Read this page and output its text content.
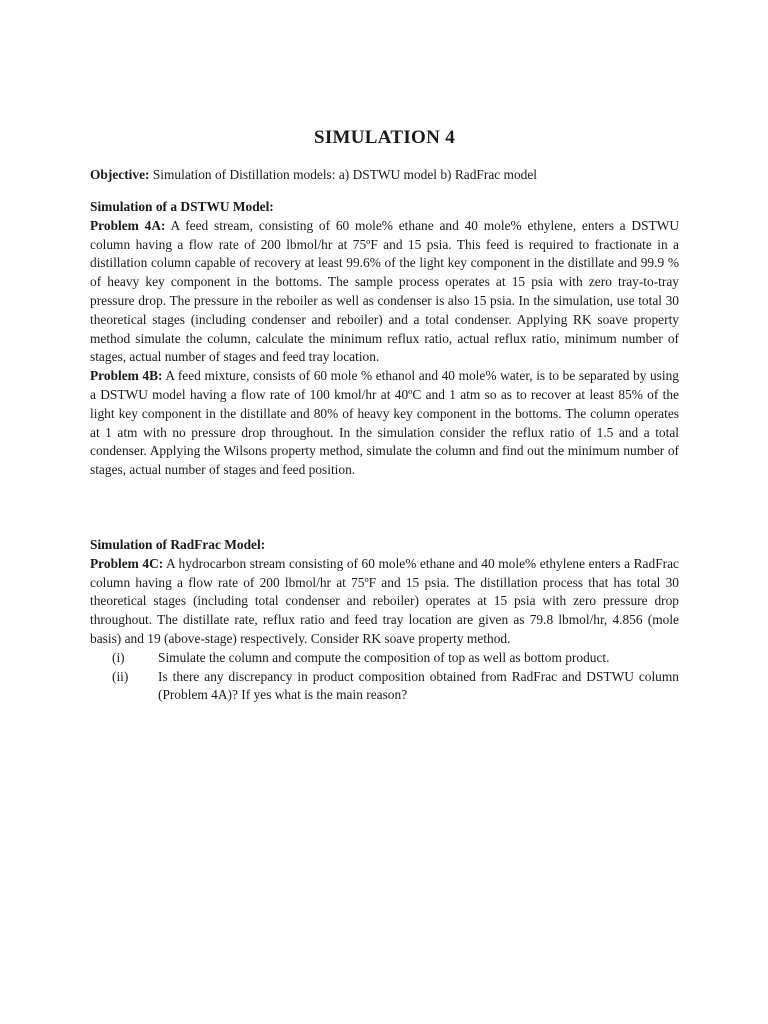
SIMULATION 4

Objective: Simulation of Distillation models: a) DSTWU model b) RadFrac model

Simulation of a DSTWU Model:

Problem 4A: A feed stream, consisting of 60 mole% ethane and 40 mole% ethylene, enters a DSTWU column having a flow rate of 200 lbmol/hr at 75ºF and 15 psia. This feed is required to fractionate in a distillation column capable of recovery at least 99.6% of the light key component in the distillate and 99.9 % of heavy key component in the bottoms. The sample process operates at 15 psia with zero tray-to-tray pressure drop. The pressure in the reboiler as well as condenser is also 15 psia. In the simulation, use total 30 theoretical stages (including condenser and reboiler) and a total condenser. Applying RK soave property method simulate the column, calculate the minimum reflux ratio, actual reflux ratio, minimum number of stages, actual number of stages and feed tray location.

Problem 4B: A feed mixture, consists of 60 mole % ethanol and 40 mole% water, is to be separated by using a DSTWU model having a flow rate of 100 kmol/hr at 40ºC and 1 atm so as to recover at least 85% of the light key component in the distillate and 80% of heavy key component in the bottoms. The column operates at 1 atm with no pressure drop throughout. In the simulation consider the reflux ratio of 1.5 and a total condenser. Applying the Wilsons property method, simulate the column and find out the minimum number of stages, actual number of stages and feed position.

Simulation of RadFrac Model:

Problem 4C: A hydrocarbon stream consisting of 60 mole% ethane and 40 mole% ethylene enters a RadFrac column having a flow rate of 200 lbmol/hr at 75ºF and 15 psia. The distillation process that has total 30 theoretical stages (including total condenser and reboiler) operates at 15 psia with zero pressure drop throughout. The distillate rate, reflux ratio and feed tray location are given as 79.8 lbmol/hr, 4.856 (mole basis) and 19 (above-stage) respectively. Consider RK soave property method.

(i) Simulate the column and compute the composition of top as well as bottom product.
(ii) Is there any discrepancy in product composition obtained from RadFrac and DSTWU column (Problem 4A)? If yes what is the main reason?
